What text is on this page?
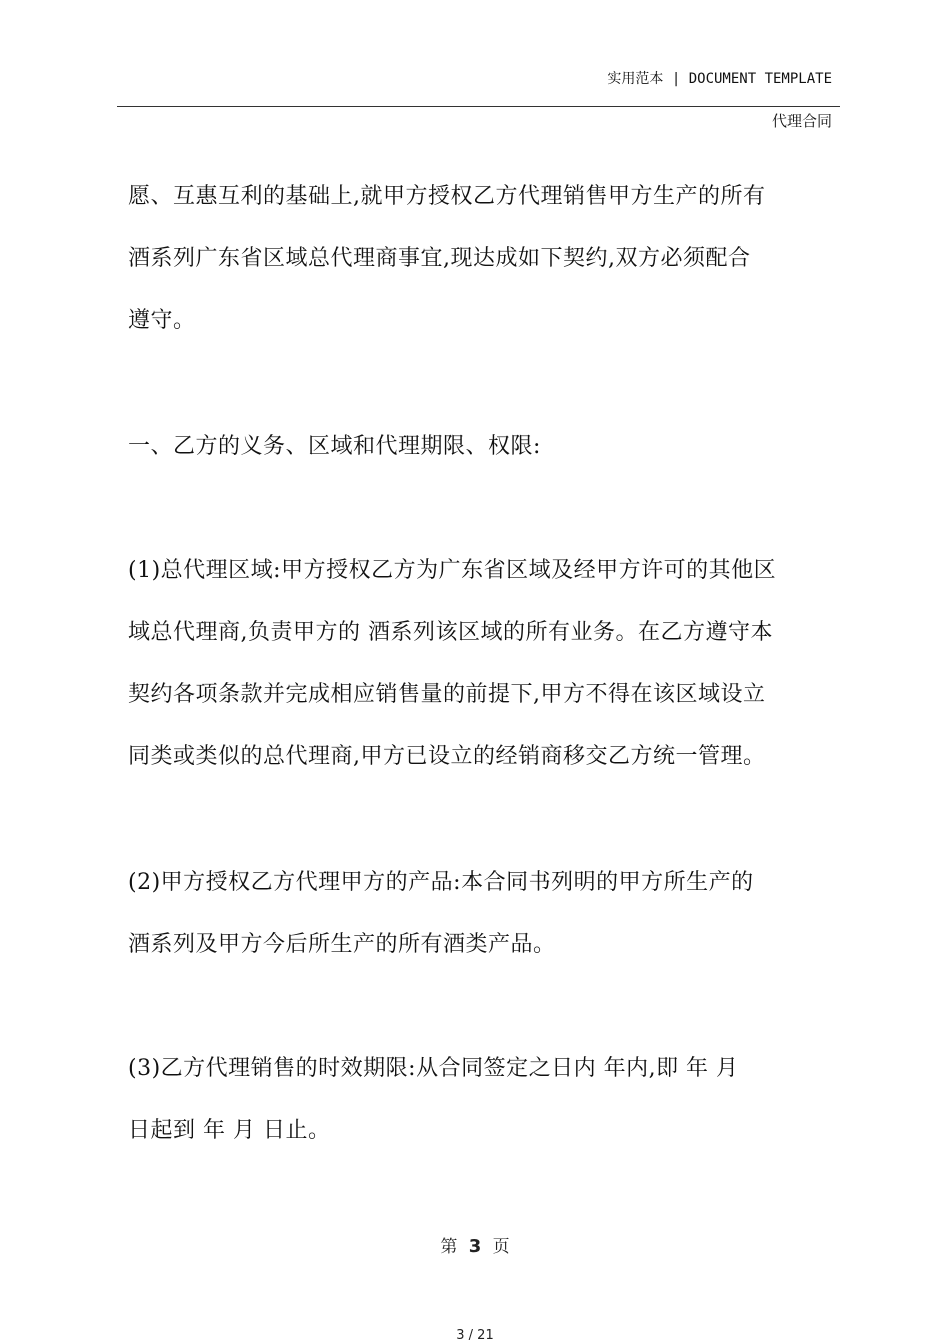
实用范本 | DOCUMENT TEMPLATE
代理合同
愿、互惠互利的基础上,就甲方授权乙方代理销售甲方生产的所有
酒系列广东省区域总代理商事宜,现达成如下契约,双方必须配合
遵守。
一、乙方的义务、区域和代理期限、权限:
(1)总代理区域:甲方授权乙方为广东省区域及经甲方许可的其他区
域总代理商,负责甲方的 酒系列该区域的所有业务。在乙方遵守本
契约各项条款并完成相应销售量的前提下,甲方不得在该区域设立
同类或类似的总代理商,甲方已设立的经销商移交乙方统一管理。
(2)甲方授权乙方代理甲方的产品:本合同书列明的甲方所生产的
酒系列及甲方今后所生产的所有酒类产品。
(3)乙方代理销售的时效期限:从合同签定之日内 年内,即 年 月
日起到 年 月 日止。
第 3 页
3 / 21
